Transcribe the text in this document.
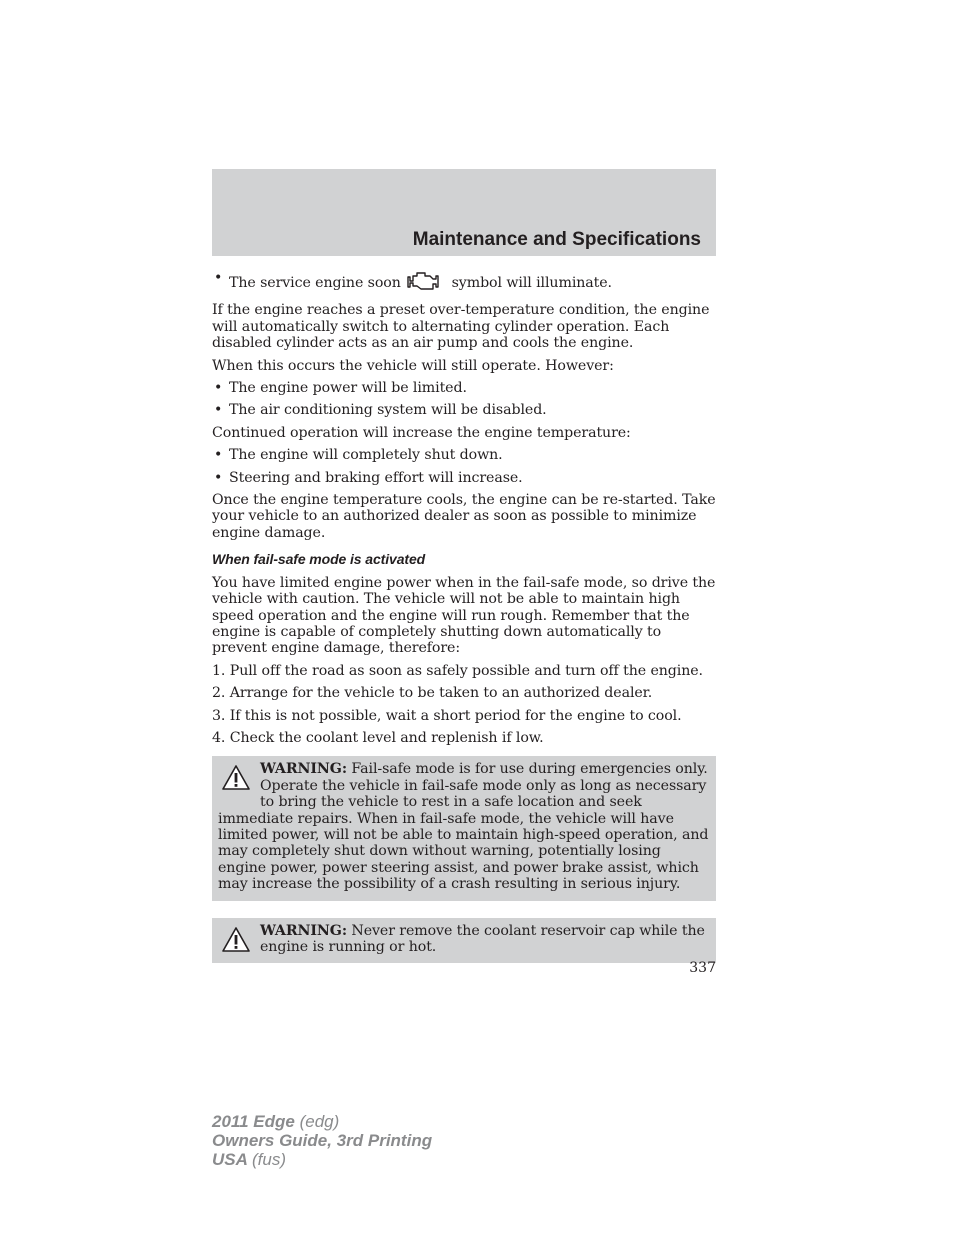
Maintenance and Specifications
• The service engine soon	symbol will illuminate.

If the engine reaches a preset over-temperature condition, the engine will automatically switch to alternating cylinder operation. Each disabled cylinder acts as an air pump and cools the engine.

When this occurs the vehicle will still operate. However:

• The engine power will be limited.
• The air conditioning system will be disabled.

Continued operation will increase the engine temperature:

• The engine will completely shut down.
• Steering and braking effort will increase.

Once the engine temperature cools, the engine can be re-started. Take your vehicle to an authorized dealer as soon as possible to minimize engine damage.

When fail-safe mode is activated

You have limited engine power when in the fail-safe mode, so drive the vehicle with caution. The vehicle will not be able to maintain high speed operation and the engine will run rough. Remember that the engine is capable of completely shutting down automatically to prevent engine damage, therefore:

1. Pull off the road as soon as safely possible and turn off the engine.
2. Arrange for the vehicle to be taken to an authorized dealer.
3. If this is not possible, wait a short period for the engine to cool.
4. Check the coolant level and replenish if low.
WARNING: Fail-safe mode is for use during emergencies only. Operate the vehicle in fail-safe mode only as long as necessary to bring the vehicle to rest in a safe location and seek immediate repairs. When in fail-safe mode, the vehicle will have limited power, will not be able to maintain high-speed operation, and may completely shut down without warning, potentially losing engine power, power steering assist, and power brake assist, which may increase the possibility of a crash resulting in serious injury.
WARNING: Never remove the coolant reservoir cap while the engine is running or hot.
337
2011 Edge (edg)
Owners Guide, 3rd Printing
USA (fus)
